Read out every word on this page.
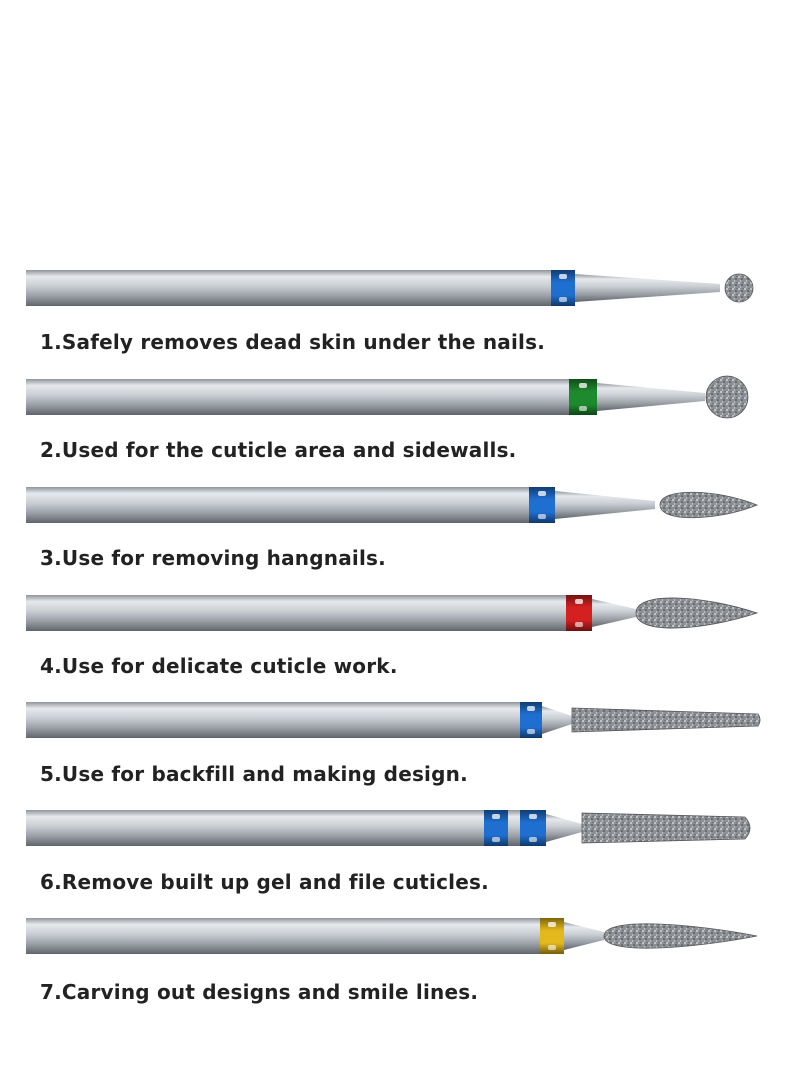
1.Safely removes dead skin under the nails.
2.Used for the cuticle area and sidewalls.
3.Use for removing hangnails.
4.Use for delicate cuticle work.
5.Use for backfill and making design.
6.Remove built up gel and file cuticles.
7.Carving out designs and smile lines.
